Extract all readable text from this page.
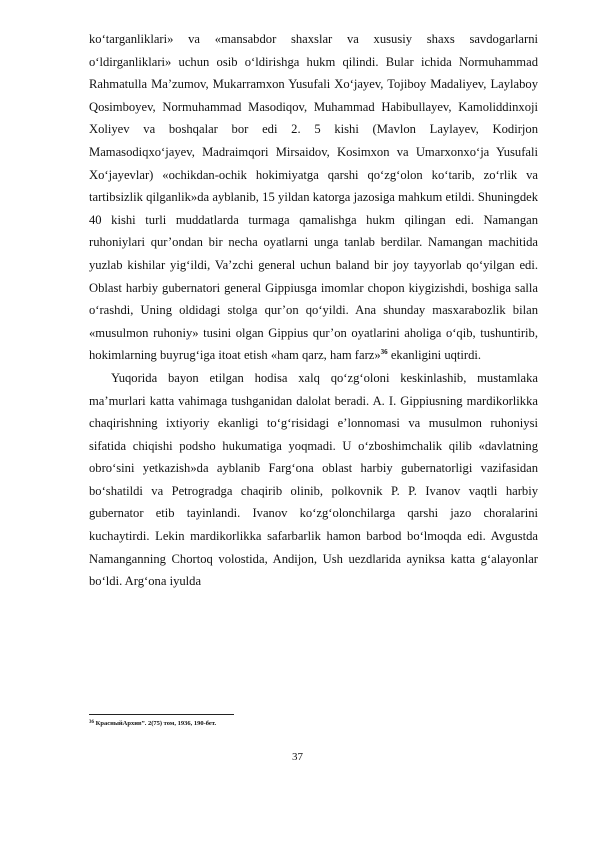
ko‘targanliklari» va «mansabdor shaxslar va xususiy shaxs savdogarlarni o‘ldirganliklari» uchun osib o‘ldirishga hukm qilindi. Bular ichida Normuhammad Rahmatulla Ma’zumov, Mukarramxon Yusufali Xo‘jayev, Tojiboy Madaliyev, Laylaboy Qosimboyev, Normuhammad Masodiqov, Muhammad Habibullayev, Kamoliddinxoji Xoliyev va boshqalar bor edi 2. 5 kishi (Mavlon Laylayev, Kodirjon Mamasodiqxo‘jayev, Madraimqori Mirsaidov, Kosimxon va Umarxonxo‘ja Yusufali Xo‘jayevlar) «ochikdan-ochik hokimiyatga qarshi qo‘zg‘olon ko‘tarib, zo‘rlik va tartibsizlik qilganlik»da ayblanib, 15 yildan katorga jazosiga mahkum etildi. Shuningdek 40 kishi turli muddatlarda turmaga qamalishga hukm qilingan edi. Namangan ruhoniylari qur’ondan bir necha oyatlarni unga tanlab berdilar. Namangan machitida yuzlab kishilar yig‘ildi, Va’zchi general uchun baland bir joy tayyorlab qo‘yilgan edi. Oblast harbiy gubernatori general Gippiusga imomlar chopon kiygizishdi, boshiga salla o‘rashdi, Uning oldidagi stolga qur’on qo‘yildi. Ana shunday masxarabozlik bilan «musulmon ruhoniy» tusini olgan Gippius qur’on oyatlarini aholiga o‘qib, tushuntirib, hokimlarning buyrug‘iga itoat etish «ham qarz, ham farz»$^{36}$ ekanligini uqtirdi.

Yuqorida bayon etilgan hodisa xalq qo‘zg‘oloni keskinlashib, mustamlaka ma’murlari katta vahimaga tushganidan dalolat beradi. A. I. Gippiusning mardikorlikka chaqirishning ixtiyoriy ekanligi to‘g‘risidagi e’lonnomasi va musulmon ruhoniysi sifatida chiqishi podsho hukumatiga yoqmadi. U o‘zboshimchalik qilib «davlatning obro‘sini yetkazish»da ayblanib Farg‘ona oblast harbiy gubernatorligi vazifasidan bo‘shatildi va Petrogradga chaqirib olinib, polkovnik P. P. Ivanov vaqtli harbiy gubernator etib tayinlandi. Ivanov ko‘zg‘olonchilarga qarshi jazo choralarini kuchaytirdi. Lekin mardikorlikka safarbarlik hamon barbod bo‘lmoqda edi. Avgustda Namanganning Chortoq volostida, Andijon, Ush uezdlarida ayniksa katta g‘alayonlar bo‘ldi. Arg‘ona iyulda

$^{36}$ КрасныйАрхив”. 2(75) том, 1936, 190-бет.
37
